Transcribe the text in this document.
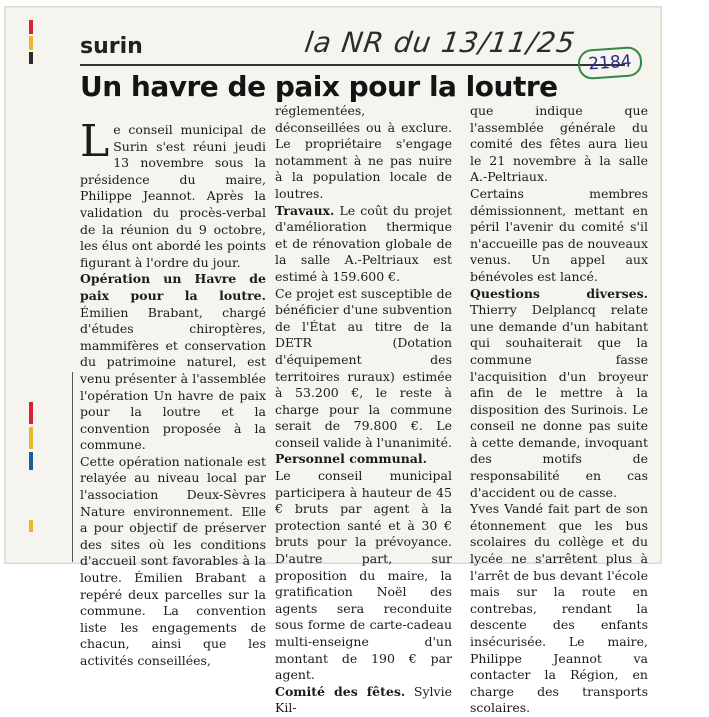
surin	la NR du 13/11/25
2184
Un havre de paix pour la loutre

Le conseil municipal de Surin s'est réuni jeudi 13 novembre sous la présidence du maire, Philippe Jeannot. Après la validation du procès-verbal de la réunion du 9 octobre, les élus ont abordé les points figurant à l'ordre du jour.

Opération un Havre de paix pour la loutre. Émilien Brabant, chargé d'études chiroptères, mammifères et conservation du patrimoine naturel, est venu présenter à l'assemblée l'opération Un havre de paix pour la loutre et la convention proposée à la commune.

Cette opération nationale est relayée au niveau local par l'association Deux-Sèvres Nature environnement. Elle a pour objectif de préserver des sites où les conditions d'accueil sont favorables à la loutre. Émilien Brabant a repéré deux parcelles sur la commune. La convention liste les engagements de chacun, ainsi que les activités conseillées,

réglementées, déconseillées ou à exclure. Le propriétaire s'engage notamment à ne pas nuire à la population locale de loutres.

Travaux. Le coût du projet d'amélioration thermique et de rénovation globale de la salle A.-Peltriaux est estimé à 159.600 €.

Ce projet est susceptible de bénéficier d'une subvention de l'État au titre de la DETR (Dotation d'équipement des territoires ruraux) estimée à 53.200 €, le reste à charge pour la commune serait de 79.800 €. Le conseil valide à l'unanimité.

Personnel communal.

Le conseil municipal participera à hauteur de 45 € bruts par agent à la protection santé et à 30 € bruts pour la prévoyance. D'autre part, sur proposition du maire, la gratification Noël des agents sera reconduite sous forme de carte-cadeau multi-enseigne d'un montant de 190 € par agent.

Comité des fêtes. Sylvie Kil-

que indique que l'assemblée générale du comité des fêtes aura lieu le 21 novembre à la salle A.-Peltriaux.

Certains membres démissionnent, mettant en péril l'avenir du comité s'il n'accueille pas de nouveaux venus. Un appel aux bénévoles est lancé.

Questions diverses. Thierry Delplancq relate une demande d'un habitant qui souhaiterait que la commune fasse l'acquisition d'un broyeur afin de le mettre à la disposition des Surinois. Le conseil ne donne pas suite à cette demande, invoquant des motifs de responsabilité en cas d'accident ou de casse.

Yves Vandé fait part de son étonnement que les bus scolaires du collège et du lycée ne s'arrêtent plus à l'arrêt de bus devant l'école mais sur la route en contrebas, rendant la descente des enfants insécurisée. Le maire, Philippe Jeannot va contacter la Région, en charge des transports scolaires.
